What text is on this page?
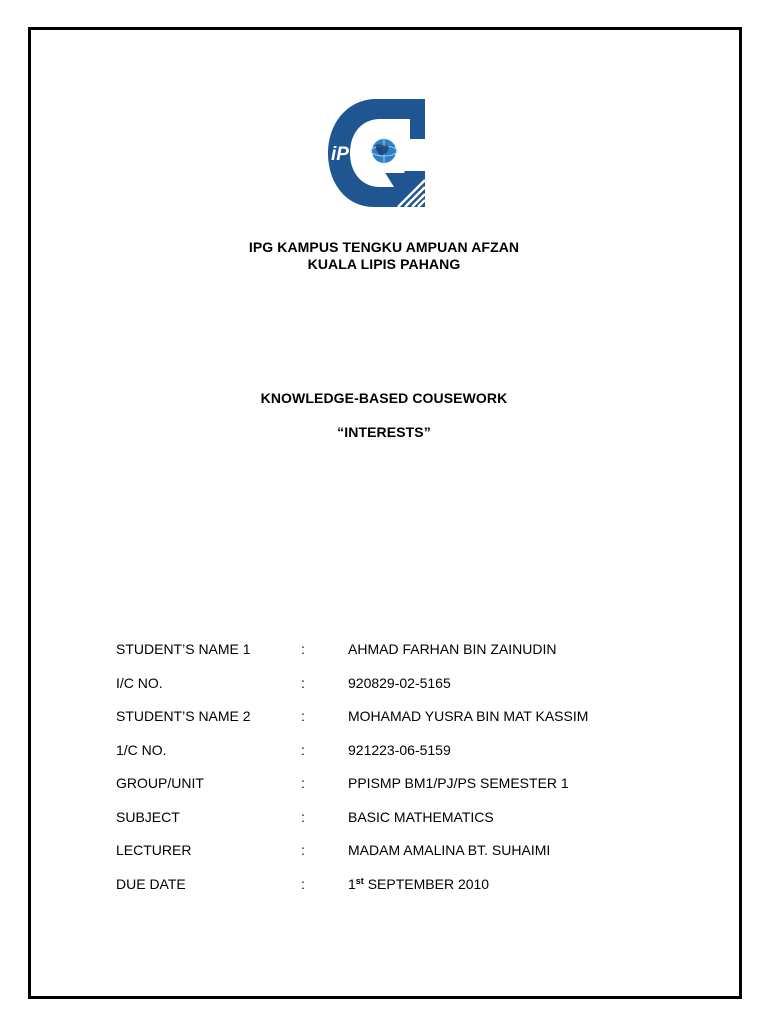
iPG
IPG KAMPUS TENGKU AMPUAN AFZAN
KUALA LIPIS PAHANG
KNOWLEDGE-BASED COUSEWORK
“INTERESTS”
STUDENT’S NAME 1	:	AHMAD FARHAN BIN ZAINUDIN
I/C NO.	:	920829-02-5165
STUDENT’S NAME 2	:	MOHAMAD YUSRA BIN MAT KASSIM
1/C NO.	:	921223-06-5159
GROUP/UNIT	:	PPISMP BM1/PJ/PS SEMESTER 1
SUBJECT	:	BASIC MATHEMATICS
LECTURER	:	MADAM AMALINA BT. SUHAIMI
DUE DATE	:	1st SEPTEMBER 2010
